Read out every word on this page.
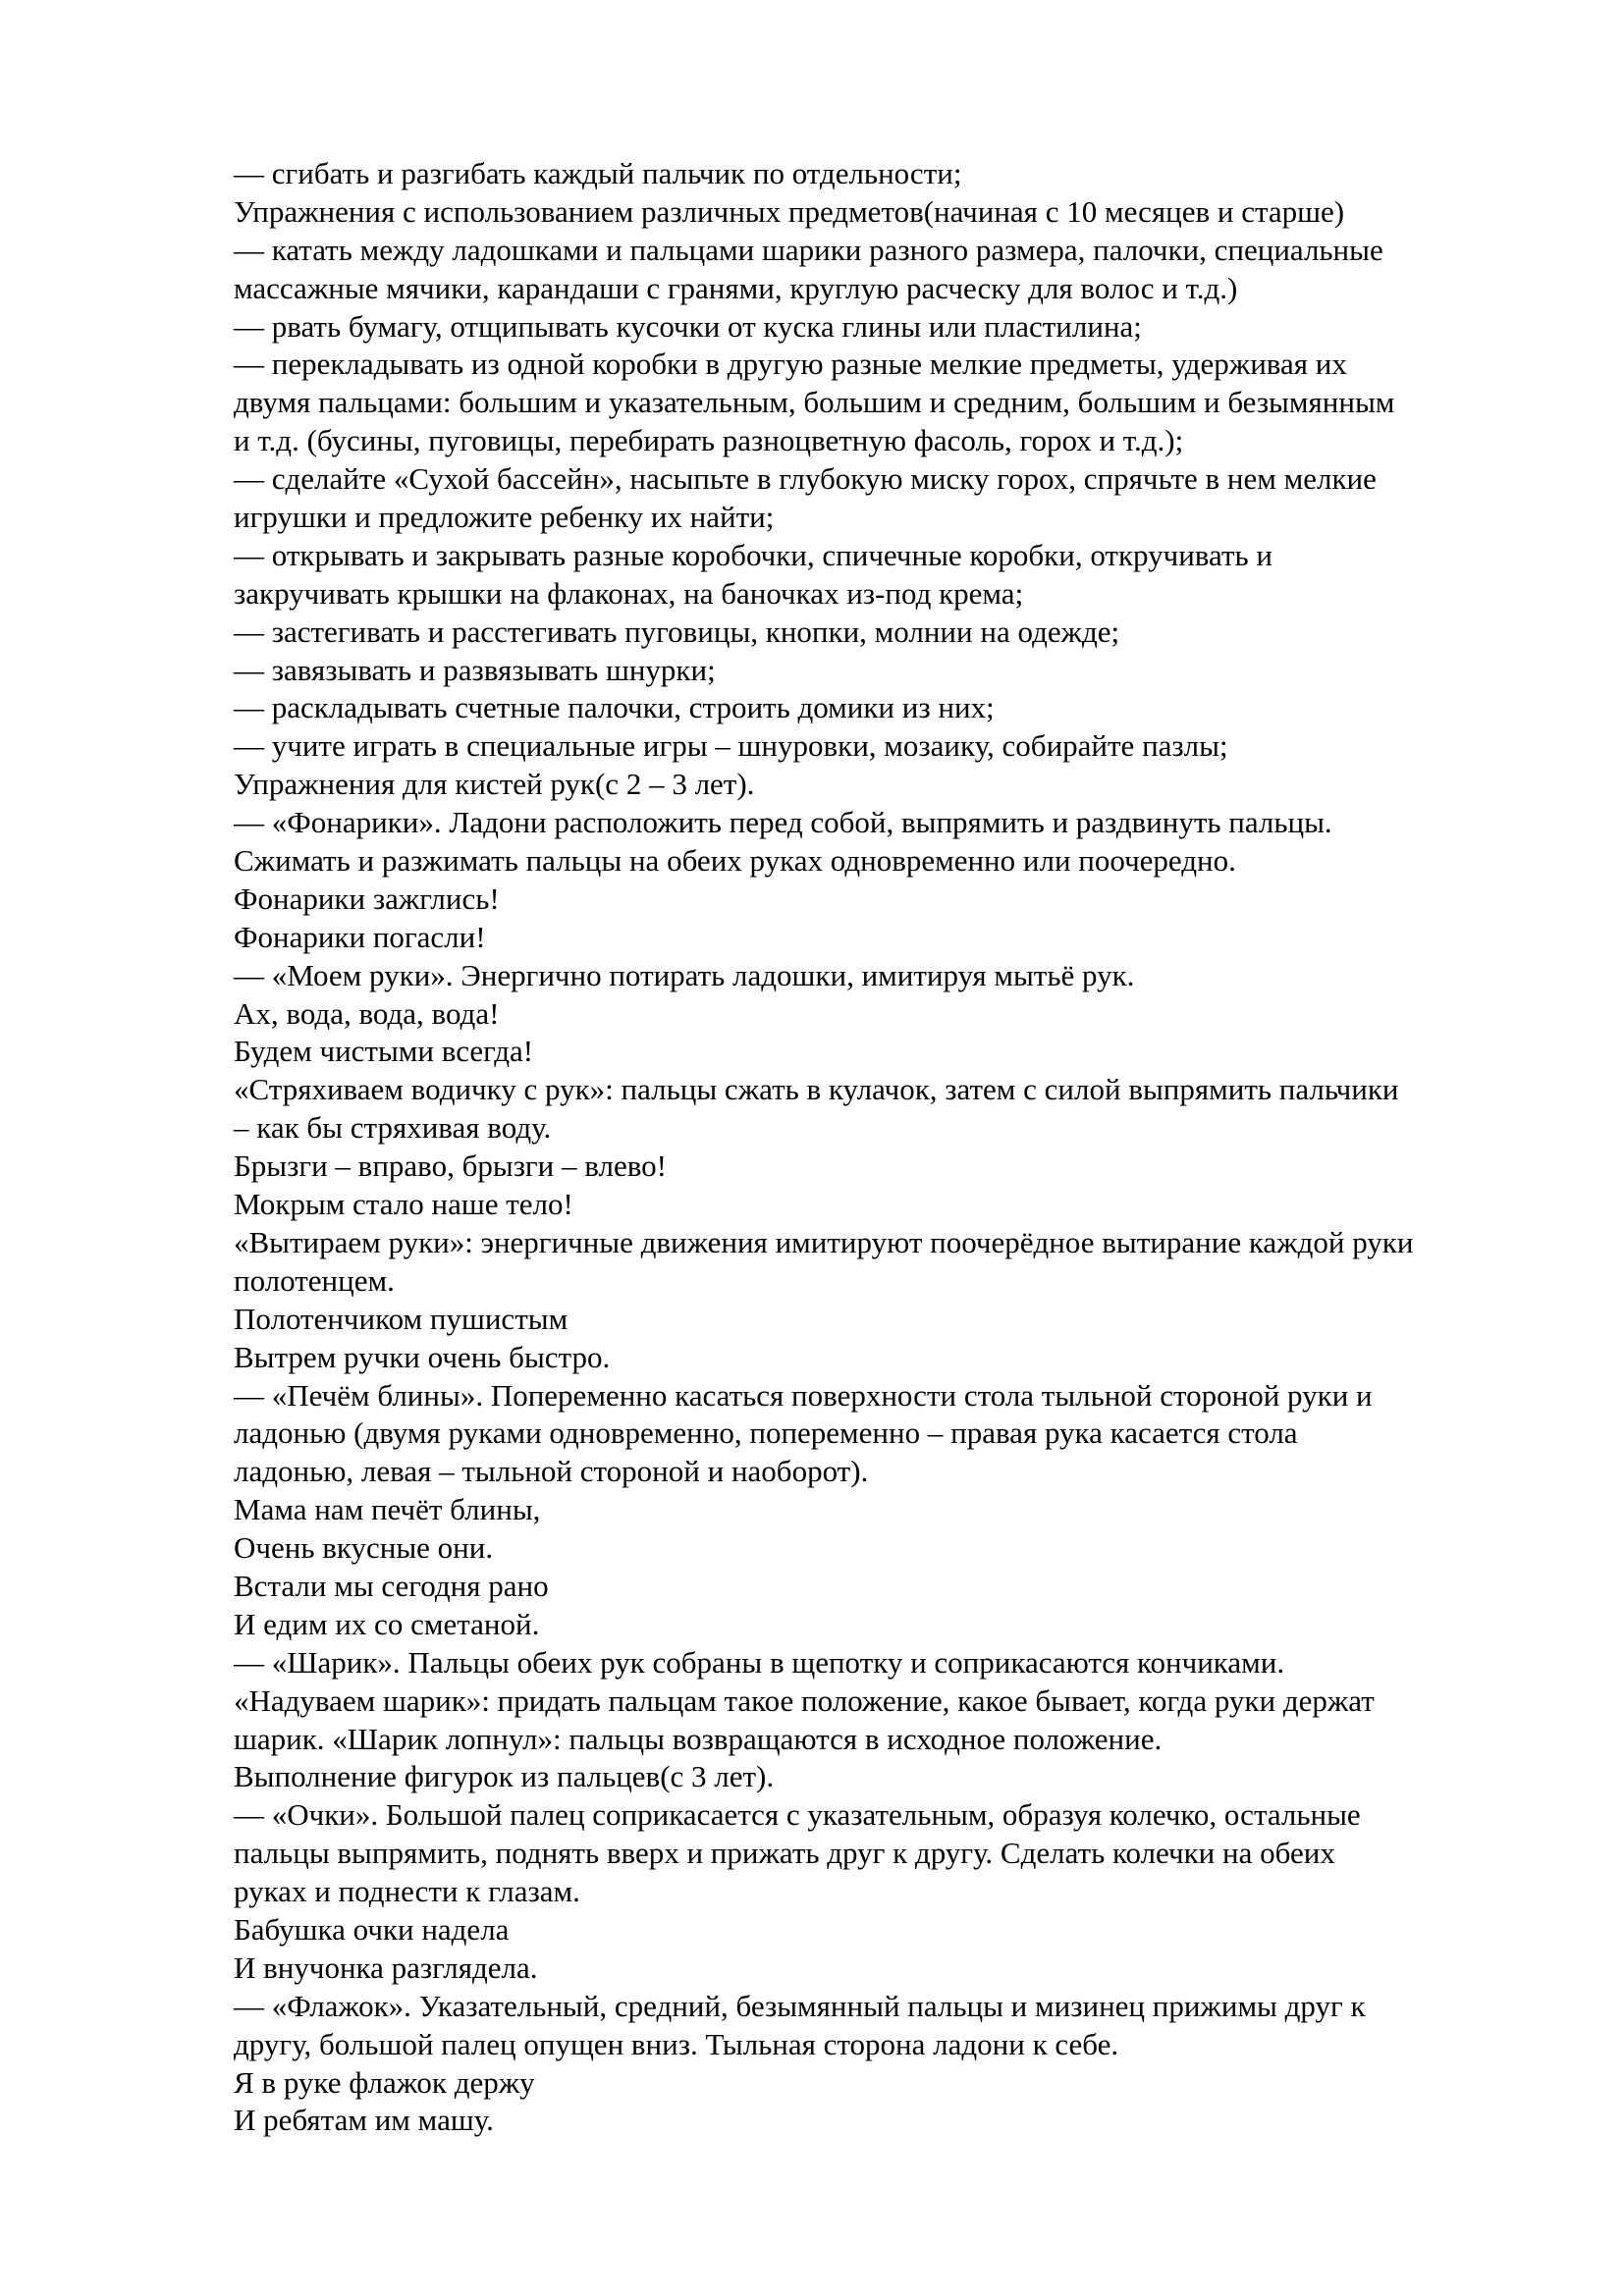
— сгибать и разгибать каждый пальчик по отдельности;
Упражнения с использованием различных предметов(начиная с 10 месяцев и старше)
— катать между ладошками и пальцами шарики разного размера, палочки, специальные
массажные мячики, карандаши с гранями, круглую расческу для волос и т.д.)
— рвать бумагу, отщипывать кусочки от куска глины или пластилина;
— перекладывать из одной коробки в другую разные мелкие предметы, удерживая их
двумя пальцами: большим и указательным, большим и средним, большим и безымянным
и т.д. (бусины, пуговицы, перебирать разноцветную фасоль, горох и т.д.);
— сделайте «Сухой бассейн», насыпьте в глубокую миску горох, спрячьте в нем мелкие
игрушки и предложите ребенку их найти;
— открывать и закрывать разные коробочки, спичечные коробки, откручивать и
закручивать крышки на флаконах, на баночках из-под крема;
— застегивать и расстегивать пуговицы, кнопки, молнии на одежде;
— завязывать и развязывать шнурки;
— раскладывать счетные палочки, строить домики из них;
— учите играть в специальные игры – шнуровки, мозаику, собирайте пазлы;
Упражнения для кистей рук(с 2 – 3 лет).
— «Фонарики». Ладони расположить перед собой, выпрямить и раздвинуть пальцы.
Сжимать и разжимать пальцы на обеих руках одновременно или поочередно.
Фонарики зажглись!
Фонарики погасли!
— «Моем руки». Энергично потирать ладошки, имитируя мытьё рук.
Ах, вода, вода, вода!
Будем чистыми всегда!
«Стряхиваем водичку с рук»: пальцы сжать в кулачок, затем с силой выпрямить пальчики
– как бы стряхивая воду.
Брызги – вправо, брызги – влево!
Мокрым стало наше тело!
«Вытираем руки»: энергичные движения имитируют поочерёдное вытирание каждой руки
полотенцем.
Полотенчиком пушистым
Вытрем ручки очень быстро.
— «Печём блины». Попеременно касаться поверхности стола тыльной стороной руки и
ладонью (двумя руками одновременно, попеременно – правая рука касается стола
ладонью, левая – тыльной стороной и наоборот).
Мама нам печёт блины,
Очень вкусные они.
Встали мы сегодня рано
И едим их со сметаной.
— «Шарик». Пальцы обеих рук собраны в щепотку и соприкасаются кончиками.
«Надуваем шарик»: придать пальцам такое положение, какое бывает, когда руки держат
шарик. «Шарик лопнул»: пальцы возвращаются в исходное положение.
Выполнение фигурок из пальцев(с 3 лет).
— «Очки». Большой палец соприкасается с указательным, образуя колечко, остальные
пальцы выпрямить, поднять вверх и прижать друг к другу. Сделать колечки на обеих
руках и поднести к глазам.
Бабушка очки надела
И внучонка разглядела.
— «Флажок». Указательный, средний, безымянный пальцы и мизинец прижимы друг к
другу, большой палец опущен вниз. Тыльная сторона ладони к себе.
Я в руке флажок держу
И ребятам им машу.
